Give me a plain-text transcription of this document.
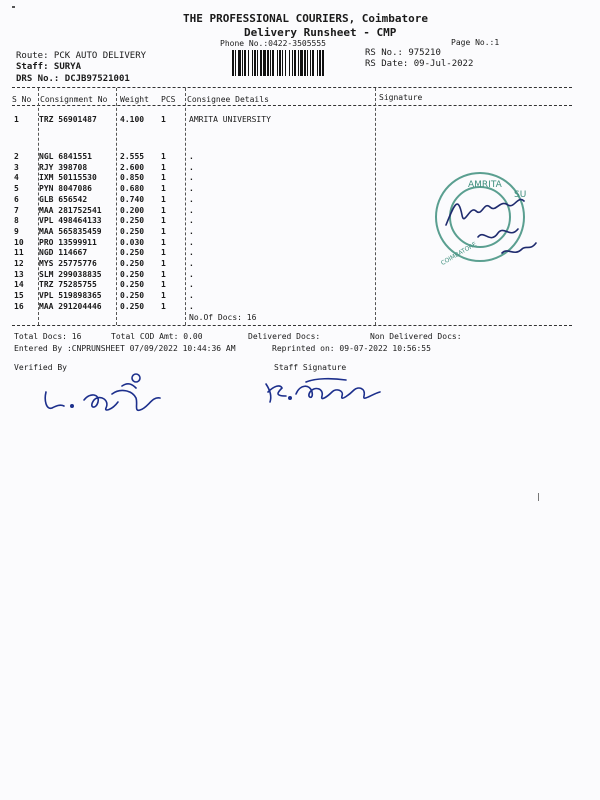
THE PROFESSIONAL COURIERS, Coimbatore
Delivery Runsheet - CMP
Phone No.:0422-3505555	Page No.:1
Route: PCK AUTO DELIVERY
Staff: SURYA
DRS No.: DCJB97521001
RS No.: 975210
RS Date: 09-Jul-2022
S No Consignment No Weight PCS Consignee Details	Signature
1	TRZ 56901487	4.100 1	AMRITA UNIVERSITY
2	NGL 6841551	2.555 1	.
3	RJY 398708	2.600 1	.
4	IXM 50115530	0.850 1	.
5	PYN 8047086	0.680 1	.
6	GLB 656542	0.740 1	.
7	MAA 281752541 0.200 1	.
8	VPL 498464133 0.250 1	.
9	MAA 565835459 0.250 1	.
10 PRO 13599911	0.030 1	.
11 NGD 114667	0.250 1	.
12 MYS 25775776	0.250 1	.
13 SLM 299038835 0.250 1	.
14 TRZ 75285755	0.250 1	.
15 VPL 519898365 0.250 1	.
16 MAA 291204446 0.250 1	.
No.Of Docs: 16
AMRITA
SU
COIMBATORE
Total Docs: 16	Total COD Amt: 0.00	Delivered Docs:	Non Delivered Docs:
Entered By :CNPRUNSHEET 07/09/2022 10:44:36 AM	Reprinted on: 09-07-2022 10:56:55
Verified By	Staff Signature
